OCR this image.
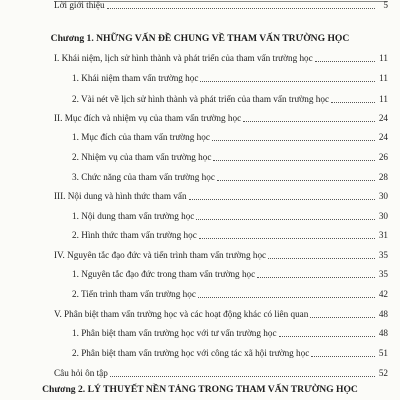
Lời giới thiệu	5
Chương 1. NHỮNG VẤN ĐỀ CHUNG VỀ THAM VẤN TRƯỜNG HỌC
I. Khái niệm, lịch sử hình thành và phát triển của tham vấn trường học	11
1. Khái niệm tham vấn trường học	11
2. Vài nét về lịch sử hình thành và phát triển của tham vấn trường học	11
II. Mục đích và nhiệm vụ của tham vấn trường học	24
1. Mục đích của tham vấn trường học	24
2. Nhiệm vụ của tham vấn trường học	26
3. Chức năng của tham vấn trường học	28
III. Nội dung và hình thức tham vấn	30
1. Nội dung tham vấn trường học	30
2. Hình thức tham vấn trường học	31
IV. Nguyên tắc đạo đức và tiến trình tham vấn trường học	35
1. Nguyên tắc đạo đức trong tham vấn trường học	35
2. Tiến trình tham vấn trường học	42
V. Phân biệt tham vấn trường học và các hoạt động khác có liên quan	48
1. Phân biệt tham vấn trường học với tư vấn trường học	48
2. Phân biệt tham vấn trường học với công tác xã hội trường học	51
Câu hỏi ôn tập	52
Chương 2. LÝ THUYẾT NỀN TẢNG TRONG THAM VẤN TRƯỜNG HỌC
